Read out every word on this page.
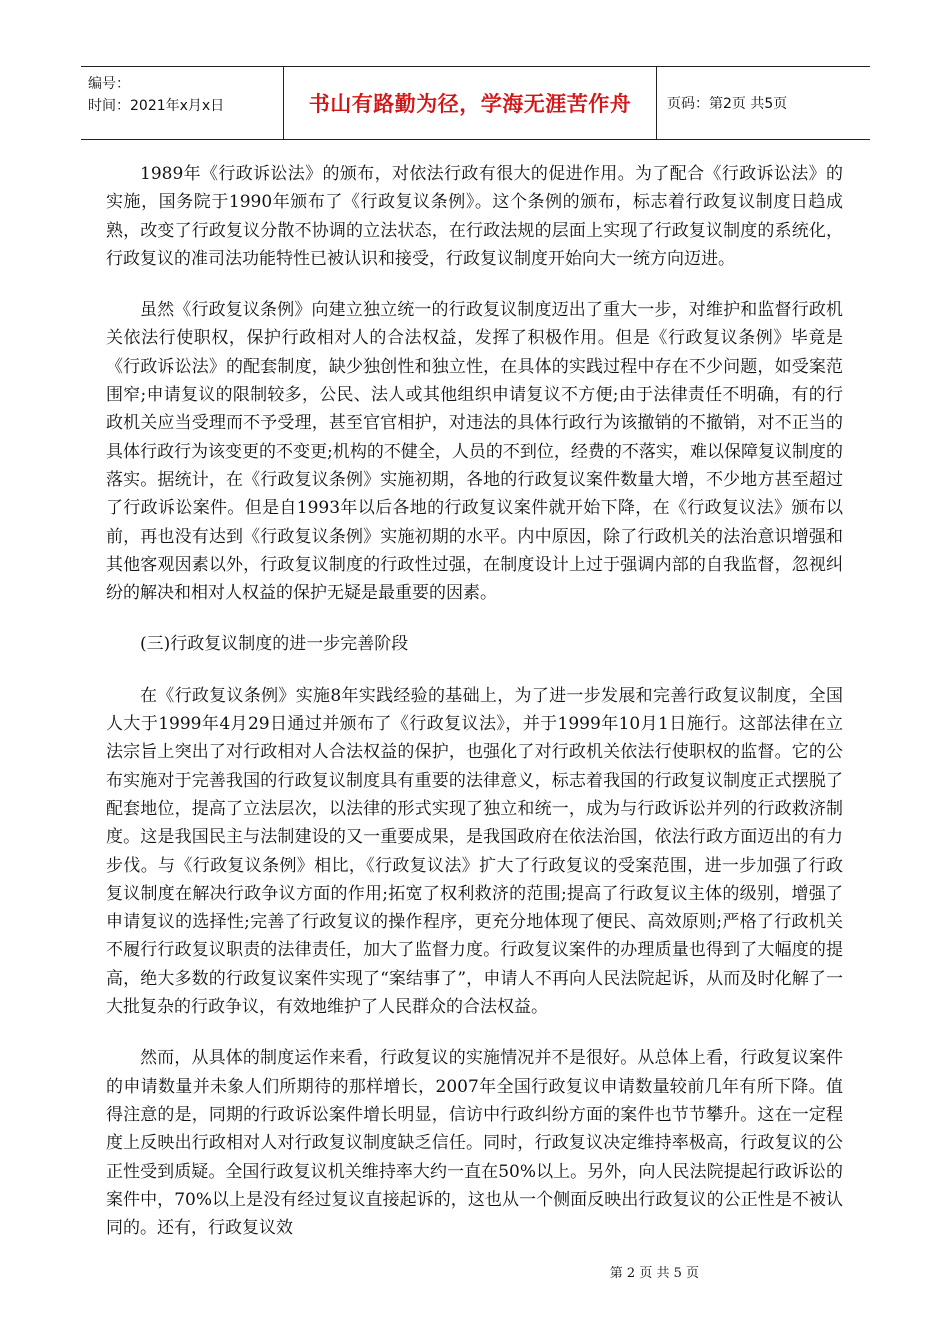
编号：
时间：2021年x月x日	书山有路勤为径，学海无涯苦作舟	页码：第2页 共5页

1989年《行政诉讼法》的颁布，对依法行政有很大的促进作用。为了配合《行政诉讼法》的实施，国务院于1990年颁布了《行政复议条例》。这个条例的颁布，标志着行政复议制度日趋成熟，改变了行政复议分散不协调的立法状态，在行政法规的层面上实现了行政复议制度的系统化，行政复议的准司法功能特性已被认识和接受，行政复议制度开始向大一统方向迈进。

虽然《行政复议条例》向建立独立统一的行政复议制度迈出了重大一步，对维护和监督行政机关依法行使职权，保护行政相对人的合法权益，发挥了积极作用。但是《行政复议条例》毕竟是《行政诉讼法》的配套制度，缺少独创性和独立性，在具体的实践过程中存在不少问题，如受案范围窄;申请复议的限制较多，公民、法人或其他组织申请复议不方便;由于法律责任不明确，有的行政机关应当受理而不予受理，甚至官官相护，对违法的具体行政行为该撤销的不撤销，对不正当的具体行政行为该变更的不变更;机构的不健全，人员的不到位，经费的不落实，难以保障复议制度的落实。据统计，在《行政复议条例》实施初期，各地的行政复议案件数量大增，不少地方甚至超过了行政诉讼案件。但是自1993年以后各地的行政复议案件就开始下降，在《行政复议法》颁布以前，再也没有达到《行政复议条例》实施初期的水平。内中原因，除了行政机关的法治意识增强和其他客观因素以外，行政复议制度的行政性过强，在制度设计上过于强调内部的自我监督，忽视纠纷的解决和相对人权益的保护无疑是最重要的因素。

(三)行政复议制度的进一步完善阶段

在《行政复议条例》实施8年实践经验的基础上，为了进一步发展和完善行政复议制度，全国人大于1999年4月29日通过并颁布了《行政复议法》，并于1999年10月1日施行。这部法律在立法宗旨上突出了对行政相对人合法权益的保护，也强化了对行政机关依法行使职权的监督。它的公布实施对于完善我国的行政复议制度具有重要的法律意义，标志着我国的行政复议制度正式摆脱了配套地位，提高了立法层次，以法律的形式实现了独立和统一，成为与行政诉讼并列的行政救济制度。这是我国民主与法制建设的又一重要成果，是我国政府在依法治国，依法行政方面迈出的有力步伐。与《行政复议条例》相比，《行政复议法》扩大了行政复议的受案范围，进一步加强了行政复议制度在解决行政争议方面的作用;拓宽了权利救济的范围;提高了行政复议主体的级别，增强了申请复议的选择性;完善了行政复议的操作程序，更充分地体现了便民、高效原则;严格了行政机关不履行行政复议职责的法律责任，加大了监督力度。行政复议案件的办理质量也得到了大幅度的提高，绝大多数的行政复议案件实现了“案结事了”，申请人不再向人民法院起诉，从而及时化解了一大批复杂的行政争议，有效地维护了人民群众的合法权益。

然而，从具体的制度运作来看，行政复议的实施情况并不是很好。从总体上看，行政复议案件的申请数量并未象人们所期待的那样增长，2007年全国行政复议申请数量较前几年有所下降。值得注意的是，同期的行政诉讼案件增长明显，信访中行政纠纷方面的案件也节节攀升。这在一定程度上反映出行政相对人对行政复议制度缺乏信任。同时，行政复议决定维持率极高，行政复议的公正性受到质疑。全国行政复议机关维持率大约一直在50%以上。另外，向人民法院提起行政诉讼的案件中，70%以上是没有经过复议直接起诉的，这也从一个侧面反映出行政复议的公正性是不被认同的。还有，行政复议效

第 2 页 共 5 页
